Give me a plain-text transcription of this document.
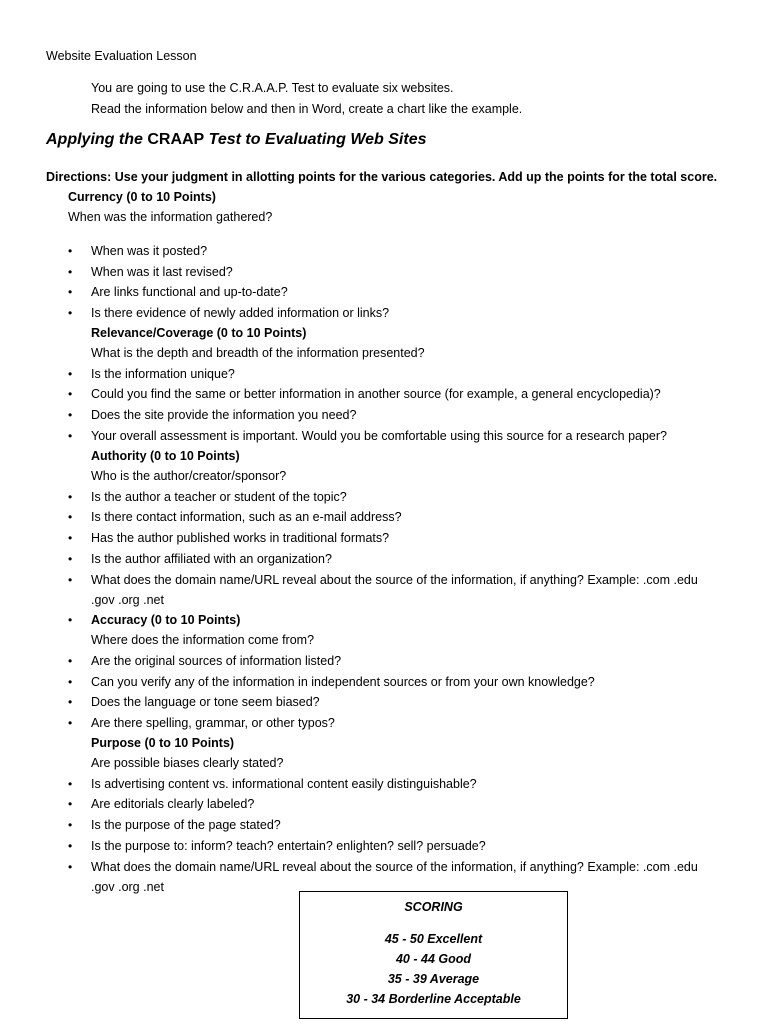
Website Evaluation Lesson
You are going to use the C.R.A.A.P. Test to evaluate six websites.
Read the information below and then in Word, create a chart like the example.
Applying the CRAAP Test to Evaluating Web Sites
Directions: Use your judgment in allotting points for the various categories. Add up the points for the total score.
Currency (0 to 10 Points)
When was the information gathered?
• When was it posted?
• When was it last revised?
• Are links functional and up-to-date?
• Is there evidence of newly added information or links?
Relevance/Coverage (0 to 10 Points)
What is the depth and breadth of the information presented?
• Is the information unique?
• Could you find the same or better information in another source (for example, a general encyclopedia)?
• Does the site provide the information you need?
• Your overall assessment is important. Would you be comfortable using this source for a research paper?
Authority (0 to 10 Points)
Who is the author/creator/sponsor?
• Is the author a teacher or student of the topic?
• Is there contact information, such as an e-mail address?
• Has the author published works in traditional formats?
• Is the author affiliated with an organization?
• What does the domain name/URL reveal about the source of the information, if anything? Example: .com .edu
.gov .org .net
• Accuracy (0 to 10 Points)
Where does the information come from?
• Are the original sources of information listed?
• Can you verify any of the information in independent sources or from your own knowledge?
• Does the language or tone seem biased?
• Are there spelling, grammar, or other typos?
Purpose (0 to 10 Points)
Are possible biases clearly stated?
• Is advertising content vs. informational content easily distinguishable?
• Are editorials clearly labeled?
• Is the purpose of the page stated?
• Is the purpose to: inform? teach? entertain? enlighten? sell? persuade?
• What does the domain name/URL reveal about the source of the information, if anything? Example: .com .edu
.gov .org .net
SCORING
45 - 50 Excellent
40 - 44 Good
35 - 39 Average
30 - 34 Borderline Acceptable
